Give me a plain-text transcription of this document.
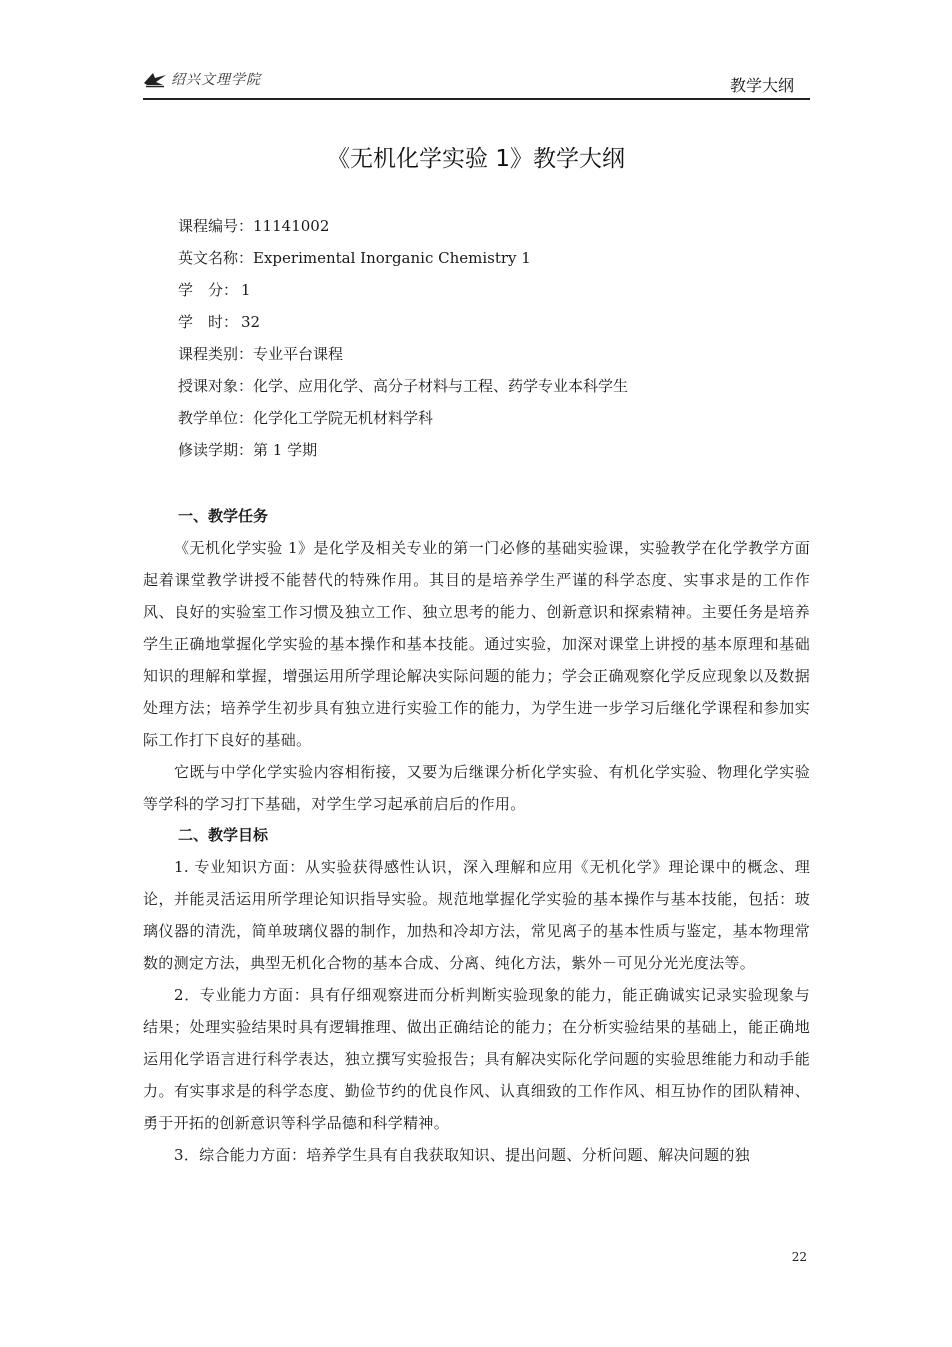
绍兴文理学院	教学大纲
《无机化学实验 1》教学大纲
课程编号：11141002
英文名称：Experimental Inorganic Chemistry 1
学 分： 1
学 时： 32
课程类别：专业平台课程
授课对象：化学、应用化学、高分子材料与工程、药学专业本科学生
教学单位：化学化工学院无机材料学科
修读学期：第 1 学期
一、教学任务

《无机化学实验 1》是化学及相关专业的第一门必修的基础实验课，实验教学在化学教学方面起着课堂教学讲授不能替代的特殊作用。其目的是培养学生严谨的科学态度、实事求是的工作作风、良好的实验室工作习惯及独立工作、独立思考的能力、创新意识和探索精神。主要任务是培养学生正确地掌握化学实验的基本操作和基本技能。通过实验，加深对课堂上讲授的基本原理和基础知识的理解和掌握，增强运用所学理论解决实际问题的能力；学会正确观察化学反应现象以及数据处理方法；培养学生初步具有独立进行实验工作的能力，为学生进一步学习后继化学课程和参加实际工作打下良好的基础。

它既与中学化学实验内容相衔接，又要为后继课分析化学实验、有机化学实验、物理化学实验等学科的学习打下基础，对学生学习起承前启后的作用。

二、教学目标

1. 专业知识方面：从实验获得感性认识，深入理解和应用《无机化学》理论课中的概念、理论，并能灵活运用所学理论知识指导实验。规范地掌握化学实验的基本操作与基本技能，包括：玻璃仪器的清洗，简单玻璃仪器的制作，加热和冷却方法，常见离子的基本性质与鉴定，基本物理常数的测定方法，典型无机化合物的基本合成、分离、纯化方法，紫外－可见分光光度法等。

2．专业能力方面：具有仔细观察进而分析判断实验现象的能力，能正确诚实记录实验现象与结果；处理实验结果时具有逻辑推理、做出正确结论的能力；在分析实验结果的基础上，能正确地运用化学语言进行科学表达，独立撰写实验报告；具有解决实际化学问题的实验思维能力和动手能力。有实事求是的科学态度、勤俭节约的优良作风、认真细致的工作作风、相互协作的团队精神、勇于开拓的创新意识等科学品德和科学精神。

3．综合能力方面：培养学生具有自我获取知识、提出问题、分析问题、解决问题的独

22
